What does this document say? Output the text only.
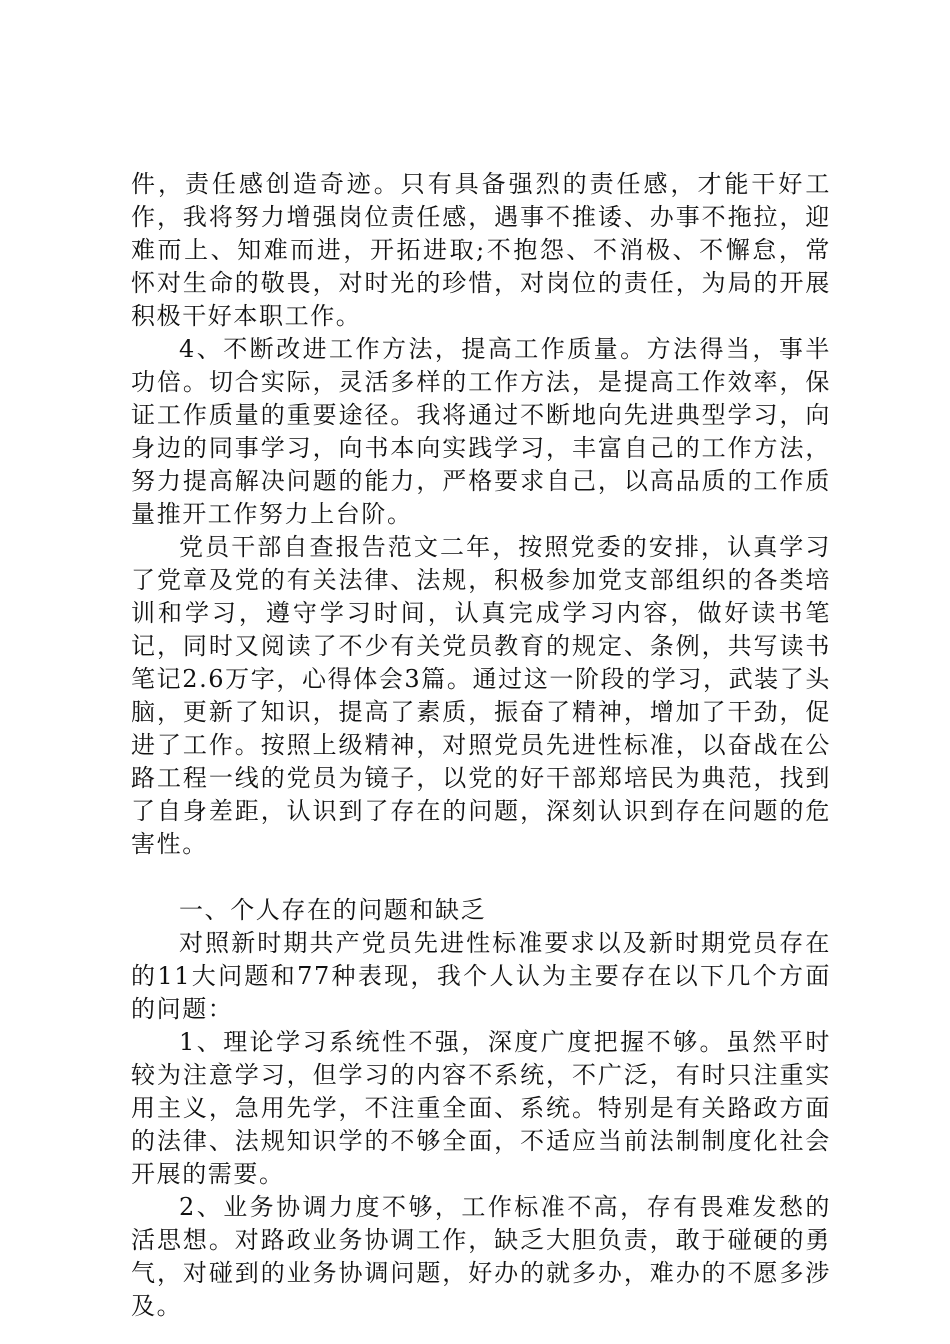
件，责任感创造奇迹。只有具备强烈的责任感，才能干好工作，我将努力增强岗位责任感，遇事不推诿、办事不拖拉，迎难而上、知难而进，开拓进取;不抱怨、不消极、不懈怠，常怀对生命的敬畏，对时光的珍惜，对岗位的责任，为局的开展积极干好本职工作。

4、不断改进工作方法，提高工作质量。方法得当，事半功倍。切合实际，灵活多样的工作方法，是提高工作效率，保证工作质量的重要途径。我将通过不断地向先进典型学习，向身边的同事学习，向书本向实践学习，丰富自己的工作方法，努力提高解决问题的能力，严格要求自己，以高品质的工作质量推开工作努力上台阶。

党员干部自查报告范文二年，按照党委的安排，认真学习了党章及党的有关法律、法规，积极参加党支部组织的各类培训和学习，遵守学习时间，认真完成学习内容，做好读书笔记，同时又阅读了不少有关党员教育的规定、条例，共写读书笔记2.6万字，心得体会3篇。通过这一阶段的学习，武装了头脑，更新了知识，提高了素质，振奋了精神，增加了干劲，促进了工作。按照上级精神，对照党员先进性标准，以奋战在公路工程一线的党员为镜子，以党的好干部郑培民为典范，找到了自身差距，认识到了存在的问题，深刻认识到存在问题的危害性。

一、个人存在的问题和缺乏

对照新时期共产党员先进性标准要求以及新时期党员存在的11大问题和77种表现，我个人认为主要存在以下几个方面的问题：

1、理论学习系统性不强，深度广度把握不够。虽然平时较为注意学习，但学习的内容不系统，不广泛，有时只注重实用主义，急用先学，不注重全面、系统。特别是有关路政方面的法律、法规知识学的不够全面，不适应当前法制制度化社会开展的需要。

2、业务协调力度不够，工作标准不高，存有畏难发愁的活思想。对路政业务协调工作，缺乏大胆负责，敢于碰硬的勇气，对碰到的业务协调问题，好办的就多办，难办的不愿多涉及。
